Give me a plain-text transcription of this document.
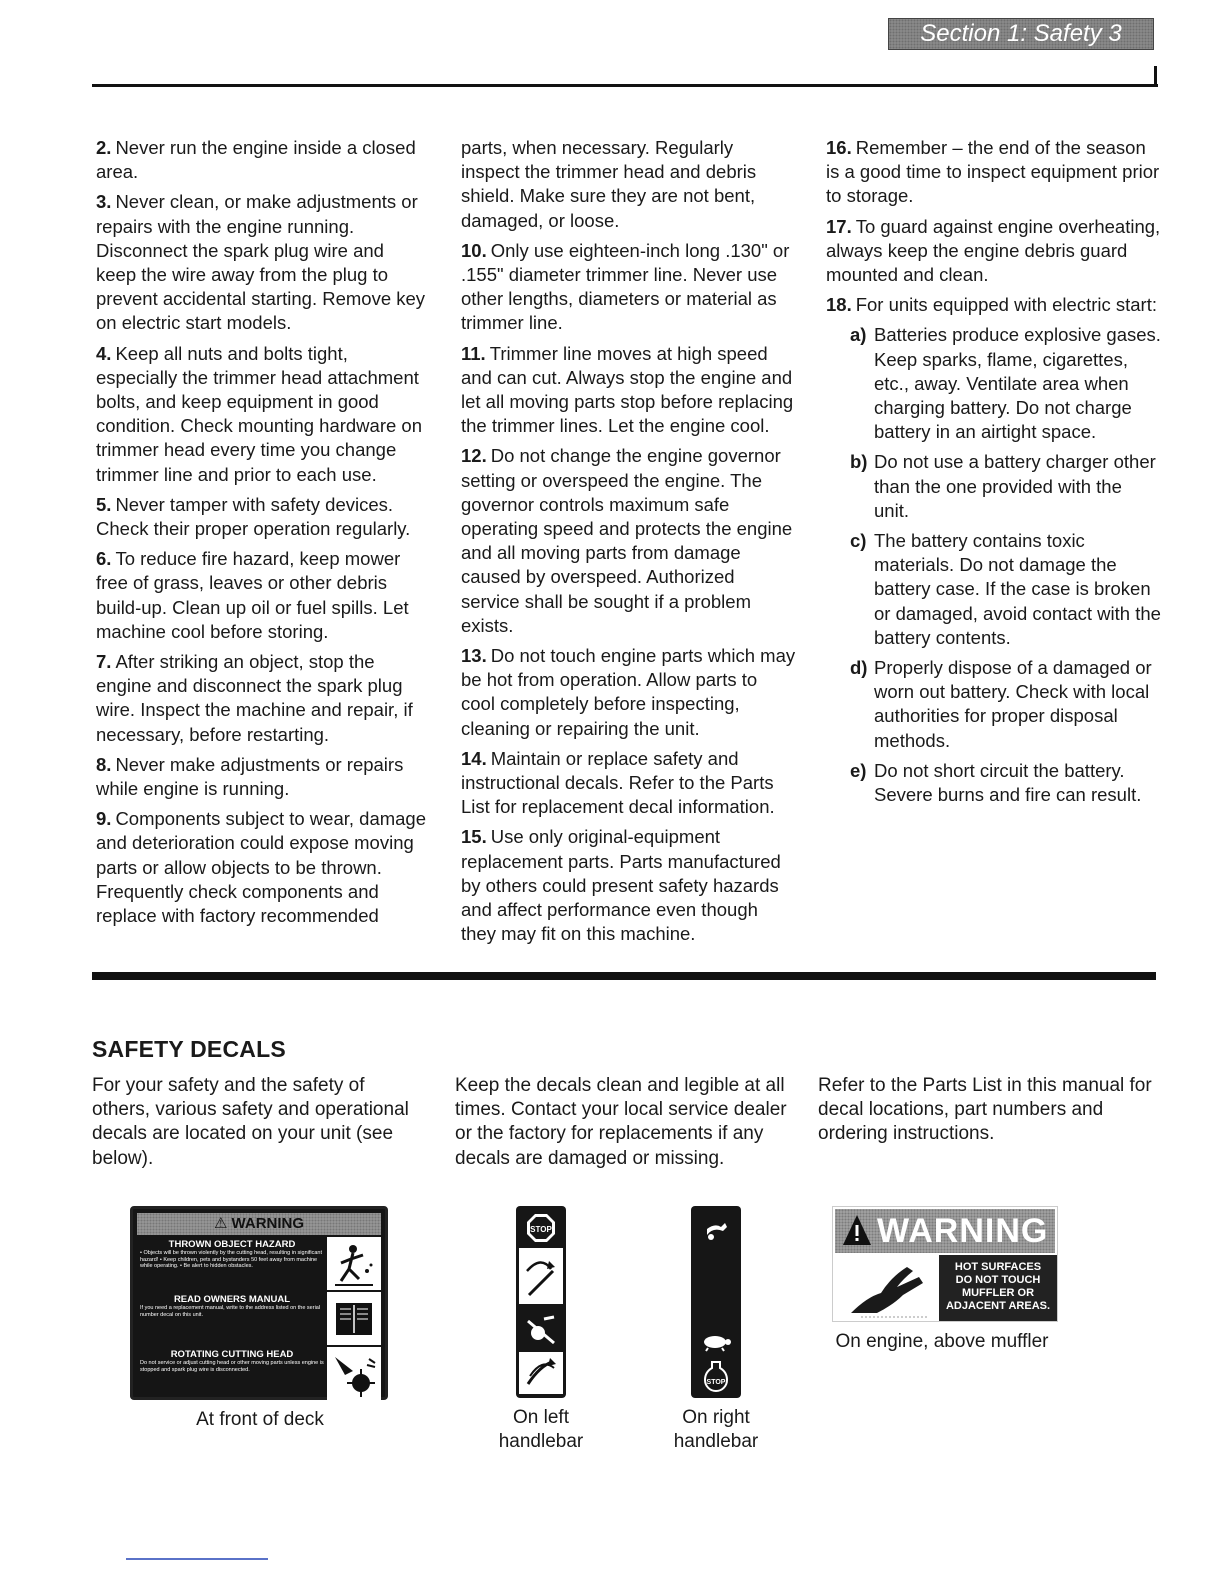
Section 1: Safety 3

2. Never run the engine inside a closed area.

3. Never clean, or make adjustments or repairs with the engine running. Disconnect the spark plug wire and keep the wire away from the plug to prevent accidental starting. Remove key on electric start models.

4. Keep all nuts and bolts tight, especially the trimmer head attachment bolts, and keep equipment in good condition. Check mounting hardware on trimmer head every time you change trimmer line and prior to each use.

5. Never tamper with safety devices. Check their proper operation regularly.

6. To reduce fire hazard, keep mower free of grass, leaves or other debris build-up. Clean up oil or fuel spills. Let machine cool before storing.

7. After striking an object, stop the engine and disconnect the spark plug wire. Inspect the machine and repair, if necessary, before restarting.

8. Never make adjustments or repairs while engine is running.

9. Components subject to wear, damage and deterioration could expose moving parts or allow objects to be thrown. Frequently check components and replace with factory recommended

parts, when necessary. Regularly inspect the trimmer head and debris shield. Make sure they are not bent, damaged, or loose.

10. Only use eighteen-inch long .130" or .155" diameter trimmer line. Never use other lengths, diameters or material as trimmer line.

11. Trimmer line moves at high speed and can cut. Always stop the engine and let all moving parts stop before replacing the trimmer lines. Let the engine cool.

12. Do not change the engine governor setting or overspeed the engine. The governor controls maximum safe operating speed and protects the engine and all moving parts from damage caused by overspeed. Authorized service shall be sought if a problem exists.

13. Do not touch engine parts which may be hot from operation. Allow parts to cool completely before inspecting, cleaning or repairing the unit.

14. Maintain or replace safety and instructional decals. Refer to the Parts List for replacement decal information.

15. Use only original-equipment replacement parts. Parts manufactured by others could present safety hazards and affect performance even though they may fit on this machine.

16. Remember – the end of the season is a good time to inspect equipment prior to storage.

17. To guard against engine overheating, always keep the engine debris guard mounted and clean.

18. For units equipped with electric start:

a) Batteries produce explosive gases. Keep sparks, flame, cigarettes, etc., away. Ventilate area when charging battery. Do not charge battery in an airtight space.
b) Do not use a battery charger other than the one provided with the unit.
c) The battery contains toxic materials. Do not damage the battery case. If the case is broken or damaged, avoid contact with the battery contents.
d) Properly dispose of a damaged or worn out battery. Check with local authorities for proper disposal methods.
e) Do not short circuit the battery. Severe burns and fire can result.
SAFETY DECALS

For your safety and the safety of others, various safety and operational decals are located on your unit (see below).

Keep the decals clean and legible at all times. Contact your local service dealer or the factory for replacements if any decals are damaged or missing.

Refer to the Parts List in this manual for decal locations, part numbers and ordering instructions.

⚠ WARNING
THROWN OBJECT HAZARD
• Objects will be thrown violently by the cutting head, resulting in significant hazard! • Keep children, pets and bystanders 50 feet away from machine while operating. • Be alert to hidden obstacles.
READ OWNERS MANUAL
If you need a replacement manual, write to the address listed on the serial number decal on this unit.
ROTATING CUTTING HEAD
Do not service or adjust cutting head or other moving parts unless engine is stopped and spark plug wire is disconnected.
At front of deck
STOP
On left
handlebar
STOP
On right
handlebar
WARNING
HOT SURFACES
DO NOT TOUCH
MUFFLER OR
ADJACENT AREAS.
On engine, above muffler
